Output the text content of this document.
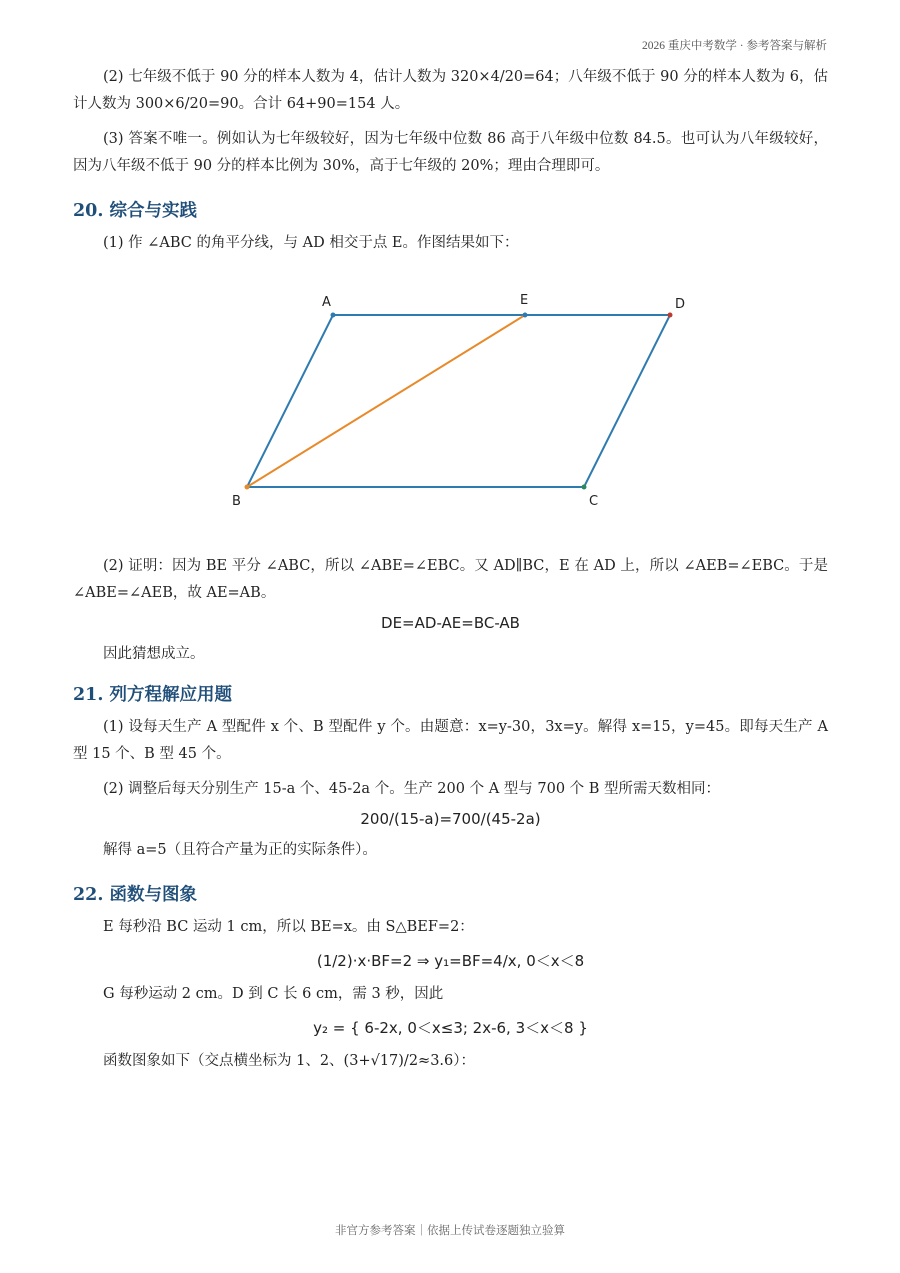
2026 重庆中考数学 · 参考答案与解析

(2) 七年级不低于 90 分的样本人数为 4，估计人数为 320×4/20=64；八年级不低于 90 分的样本人数为 6，估计人数为 300×6/20=90。合计 64+90=154 人。

(3) 答案不唯一。例如认为七年级较好，因为七年级中位数 86 高于八年级中位数 84.5。也可认为八年级较好，因为八年级不低于 90 分的样本比例为 30%，高于七年级的 20%；理由合理即可。

20. 综合与实践

(1) 作 ∠ABC 的角平分线，与 AD 相交于点 E。作图结果如下：

A	E	D
B	C

(2) 证明：因为 BE 平分 ∠ABC，所以 ∠ABE=∠EBC。又 AD∥BC，E 在 AD 上，所以 ∠AEB=∠EBC。于是 ∠ABE=∠AEB，故 AE=AB。

DE=AD-AE=BC-AB

因此猜想成立。

21. 列方程解应用题

(1) 设每天生产 A 型配件 x 个、B 型配件 y 个。由题意：x=y-30，3x=y。解得 x=15，y=45。即每天生产 A 型 15 个、B 型 45 个。

(2) 调整后每天分别生产 15-a 个、45-2a 个。生产 200 个 A 型与 700 个 B 型所需天数相同：

200/(15-a)=700/(45-2a)

解得 a=5（且符合产量为正的实际条件）。

22. 函数与图象

E 每秒沿 BC 运动 1 cm，所以 BE=x。由 S△BEF=2：

(1/2)·x·BF=2 ⇒ y₁=BF=4/x, 0＜x＜8

G 每秒运动 2 cm。D 到 C 长 6 cm，需 3 秒，因此

y₂ = { 6-2x, 0＜x≤3; 2x-6, 3＜x＜8 }

函数图象如下（交点横坐标为 1、2、(3+√17)/2≈3.6）：

非官方参考答案｜依据上传试卷逐题独立验算
